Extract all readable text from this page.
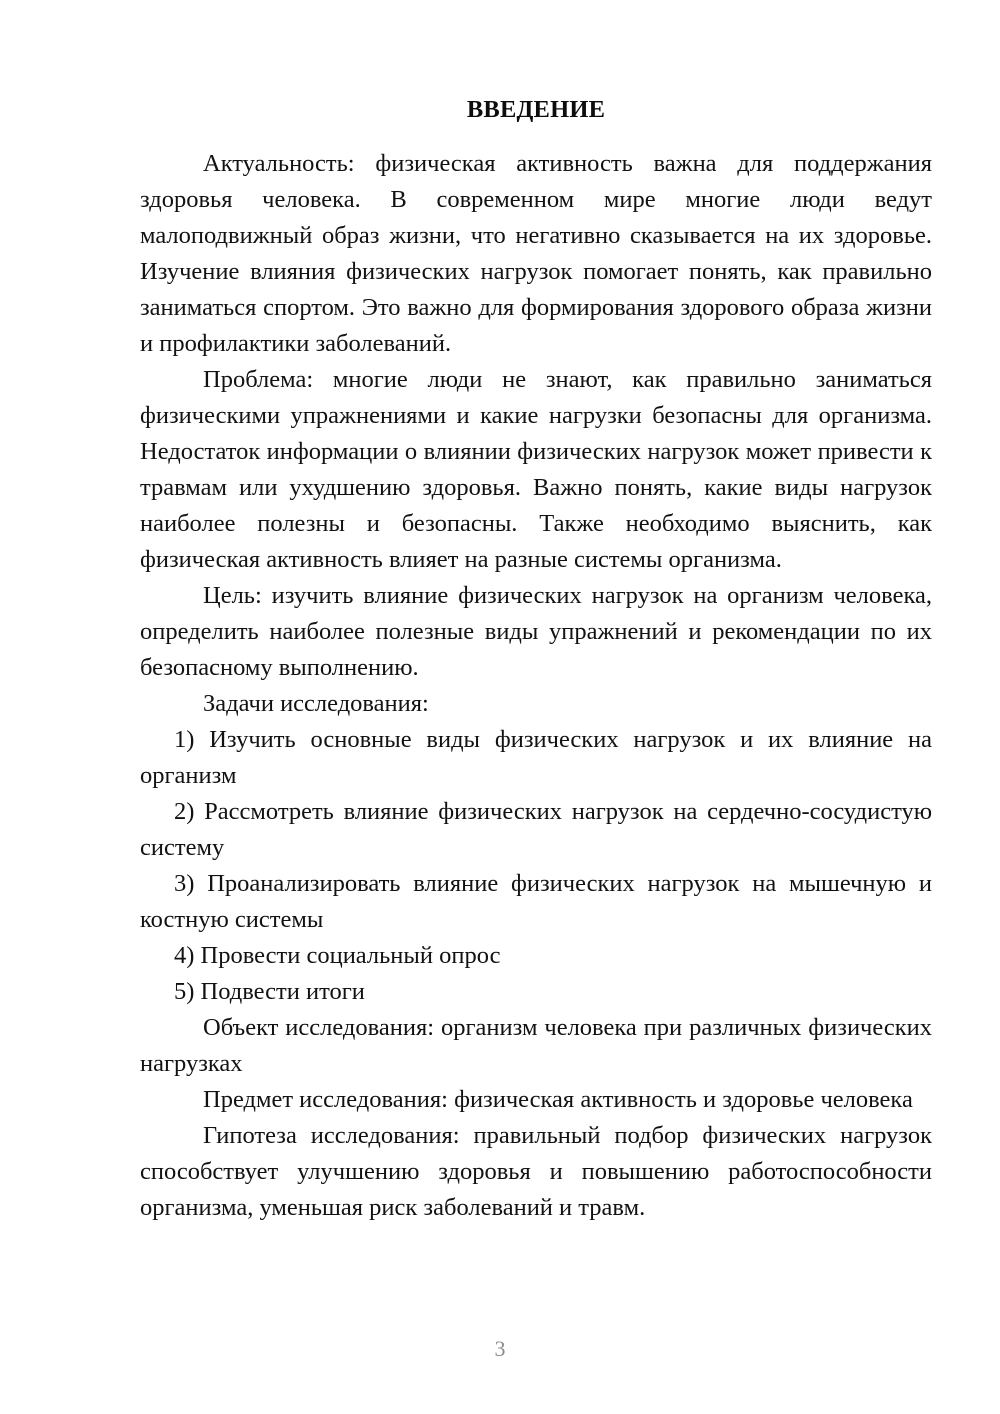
ВВЕДЕНИЕ

Актуальность: физическая активность важна для поддержания здоровья человека. В современном мире многие люди ведут малоподвижный образ жизни, что негативно сказывается на их здоровье. Изучение влияния физических нагрузок помогает понять, как правильно заниматься спортом. Это важно для формирования здорового образа жизни и профилактики заболеваний.

Проблема: многие люди не знают, как правильно заниматься физическими упражнениями и какие нагрузки безопасны для организма. Недостаток информации о влиянии физических нагрузок может привести к травмам или ухудшению здоровья. Важно понять, какие виды нагрузок наиболее полезны и безопасны. Также необходимо выяснить, как физическая активность влияет на разные системы организма.

Цель: изучить влияние физических нагрузок на организм человека, определить наиболее полезные виды упражнений и рекомендации по их безопасному выполнению.

Задачи исследования:

1) Изучить основные виды физических нагрузок и их влияние на организм

2) Рассмотреть влияние физических нагрузок на сердечно-сосудистую систему

3) Проанализировать влияние физических нагрузок на мышечную и костную системы

4) Провести социальный опрос

5) Подвести итоги

Объект исследования: организм человека при различных физических нагрузках

Предмет исследования: физическая активность и здоровье человека

Гипотеза исследования: правильный подбор физических нагрузок способствует улучшению здоровья и повышению работоспособности организма, уменьшая риск заболеваний и травм.

3
